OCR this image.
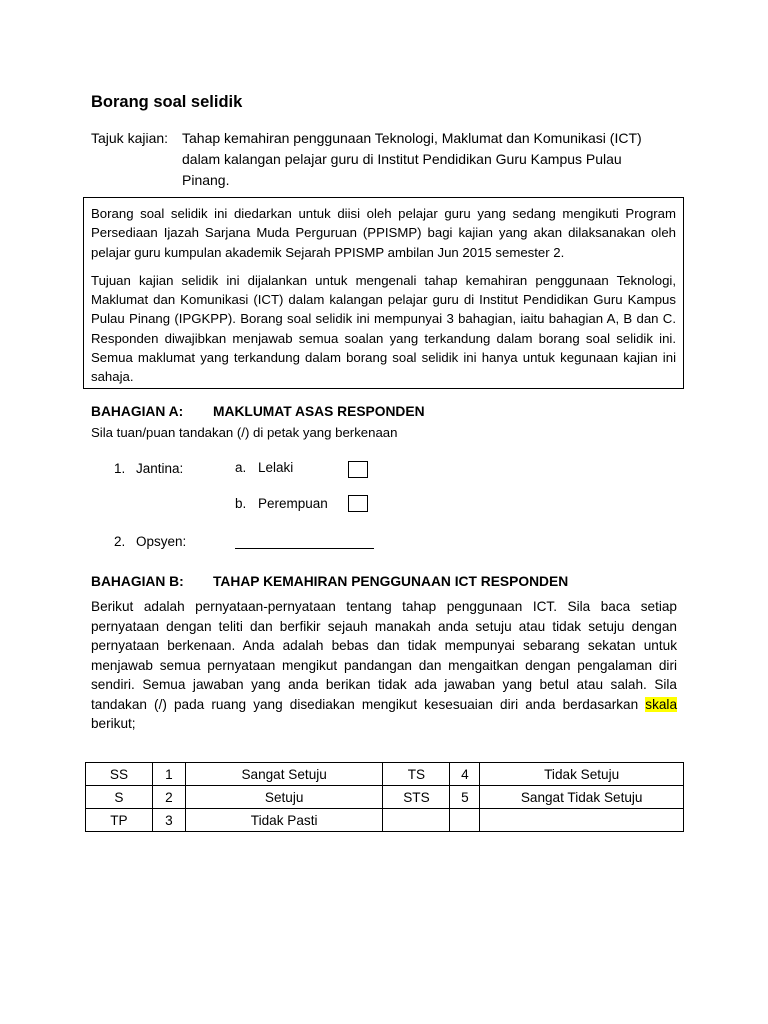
Borang soal selidik
Tajuk kajian: Tahap kemahiran penggunaan Teknologi, Maklumat dan Komunikasi (ICT)
dalam kalangan pelajar guru di Institut Pendidikan Guru Kampus Pulau
Pinang.

Borang soal selidik ini diedarkan untuk diisi oleh pelajar guru yang sedang mengikuti Program Persediaan Ijazah Sarjana Muda Perguruan (PPISMP) bagi kajian yang akan dilaksanakan oleh pelajar guru kumpulan akademik Sejarah PPISMP ambilan Jun 2015 semester 2.

Tujuan kajian selidik ini dijalankan untuk mengenali tahap kemahiran penggunaan Teknologi, Maklumat dan Komunikasi (ICT) dalam kalangan pelajar guru di Institut Pendidikan Guru Kampus Pulau Pinang (IPGKPP). Borang soal selidik ini mempunyai 3 bahagian, iaitu bahagian A, B dan C. Responden diwajibkan menjawab semua soalan yang terkandung dalam borang soal selidik ini. Semua maklumat yang terkandung dalam borang soal selidik ini hanya untuk kegunaan kajian ini sahaja.

BAHAGIAN A: MAKLUMAT ASAS RESPONDEN
Sila tuan/puan tandakan (/) di petak yang berkenaan
1. Jantina:	a. Lelaki
b. Perempuan
2. Opsyen:
BAHAGIAN B: TAHAP KEMAHIRAN PENGGUNAAN ICT RESPONDEN
Berikut adalah pernyataan-pernyataan tentang tahap penggunaan ICT. Sila baca setiap pernyataan dengan teliti dan berfikir sejauh manakah anda setuju atau tidak setuju dengan pernyataan berkenaan. Anda adalah bebas dan tidak mempunyai sebarang sekatan untuk menjawab semua pernyataan mengikut pandangan dan mengaitkan dengan pengalaman diri sendiri. Semua jawaban yang anda berikan tidak ada jawaban yang betul atau salah. Sila tandakan (/) pada ruang yang disediakan mengikut kesesuaian diri anda berdasarkan skala berikut;
SS	1	Sangat Setuju	TS	4	Tidak Setuju
S	2	Setuju	STS	5	Sangat Tidak Setuju
TP	3	Tidak Pasti			
